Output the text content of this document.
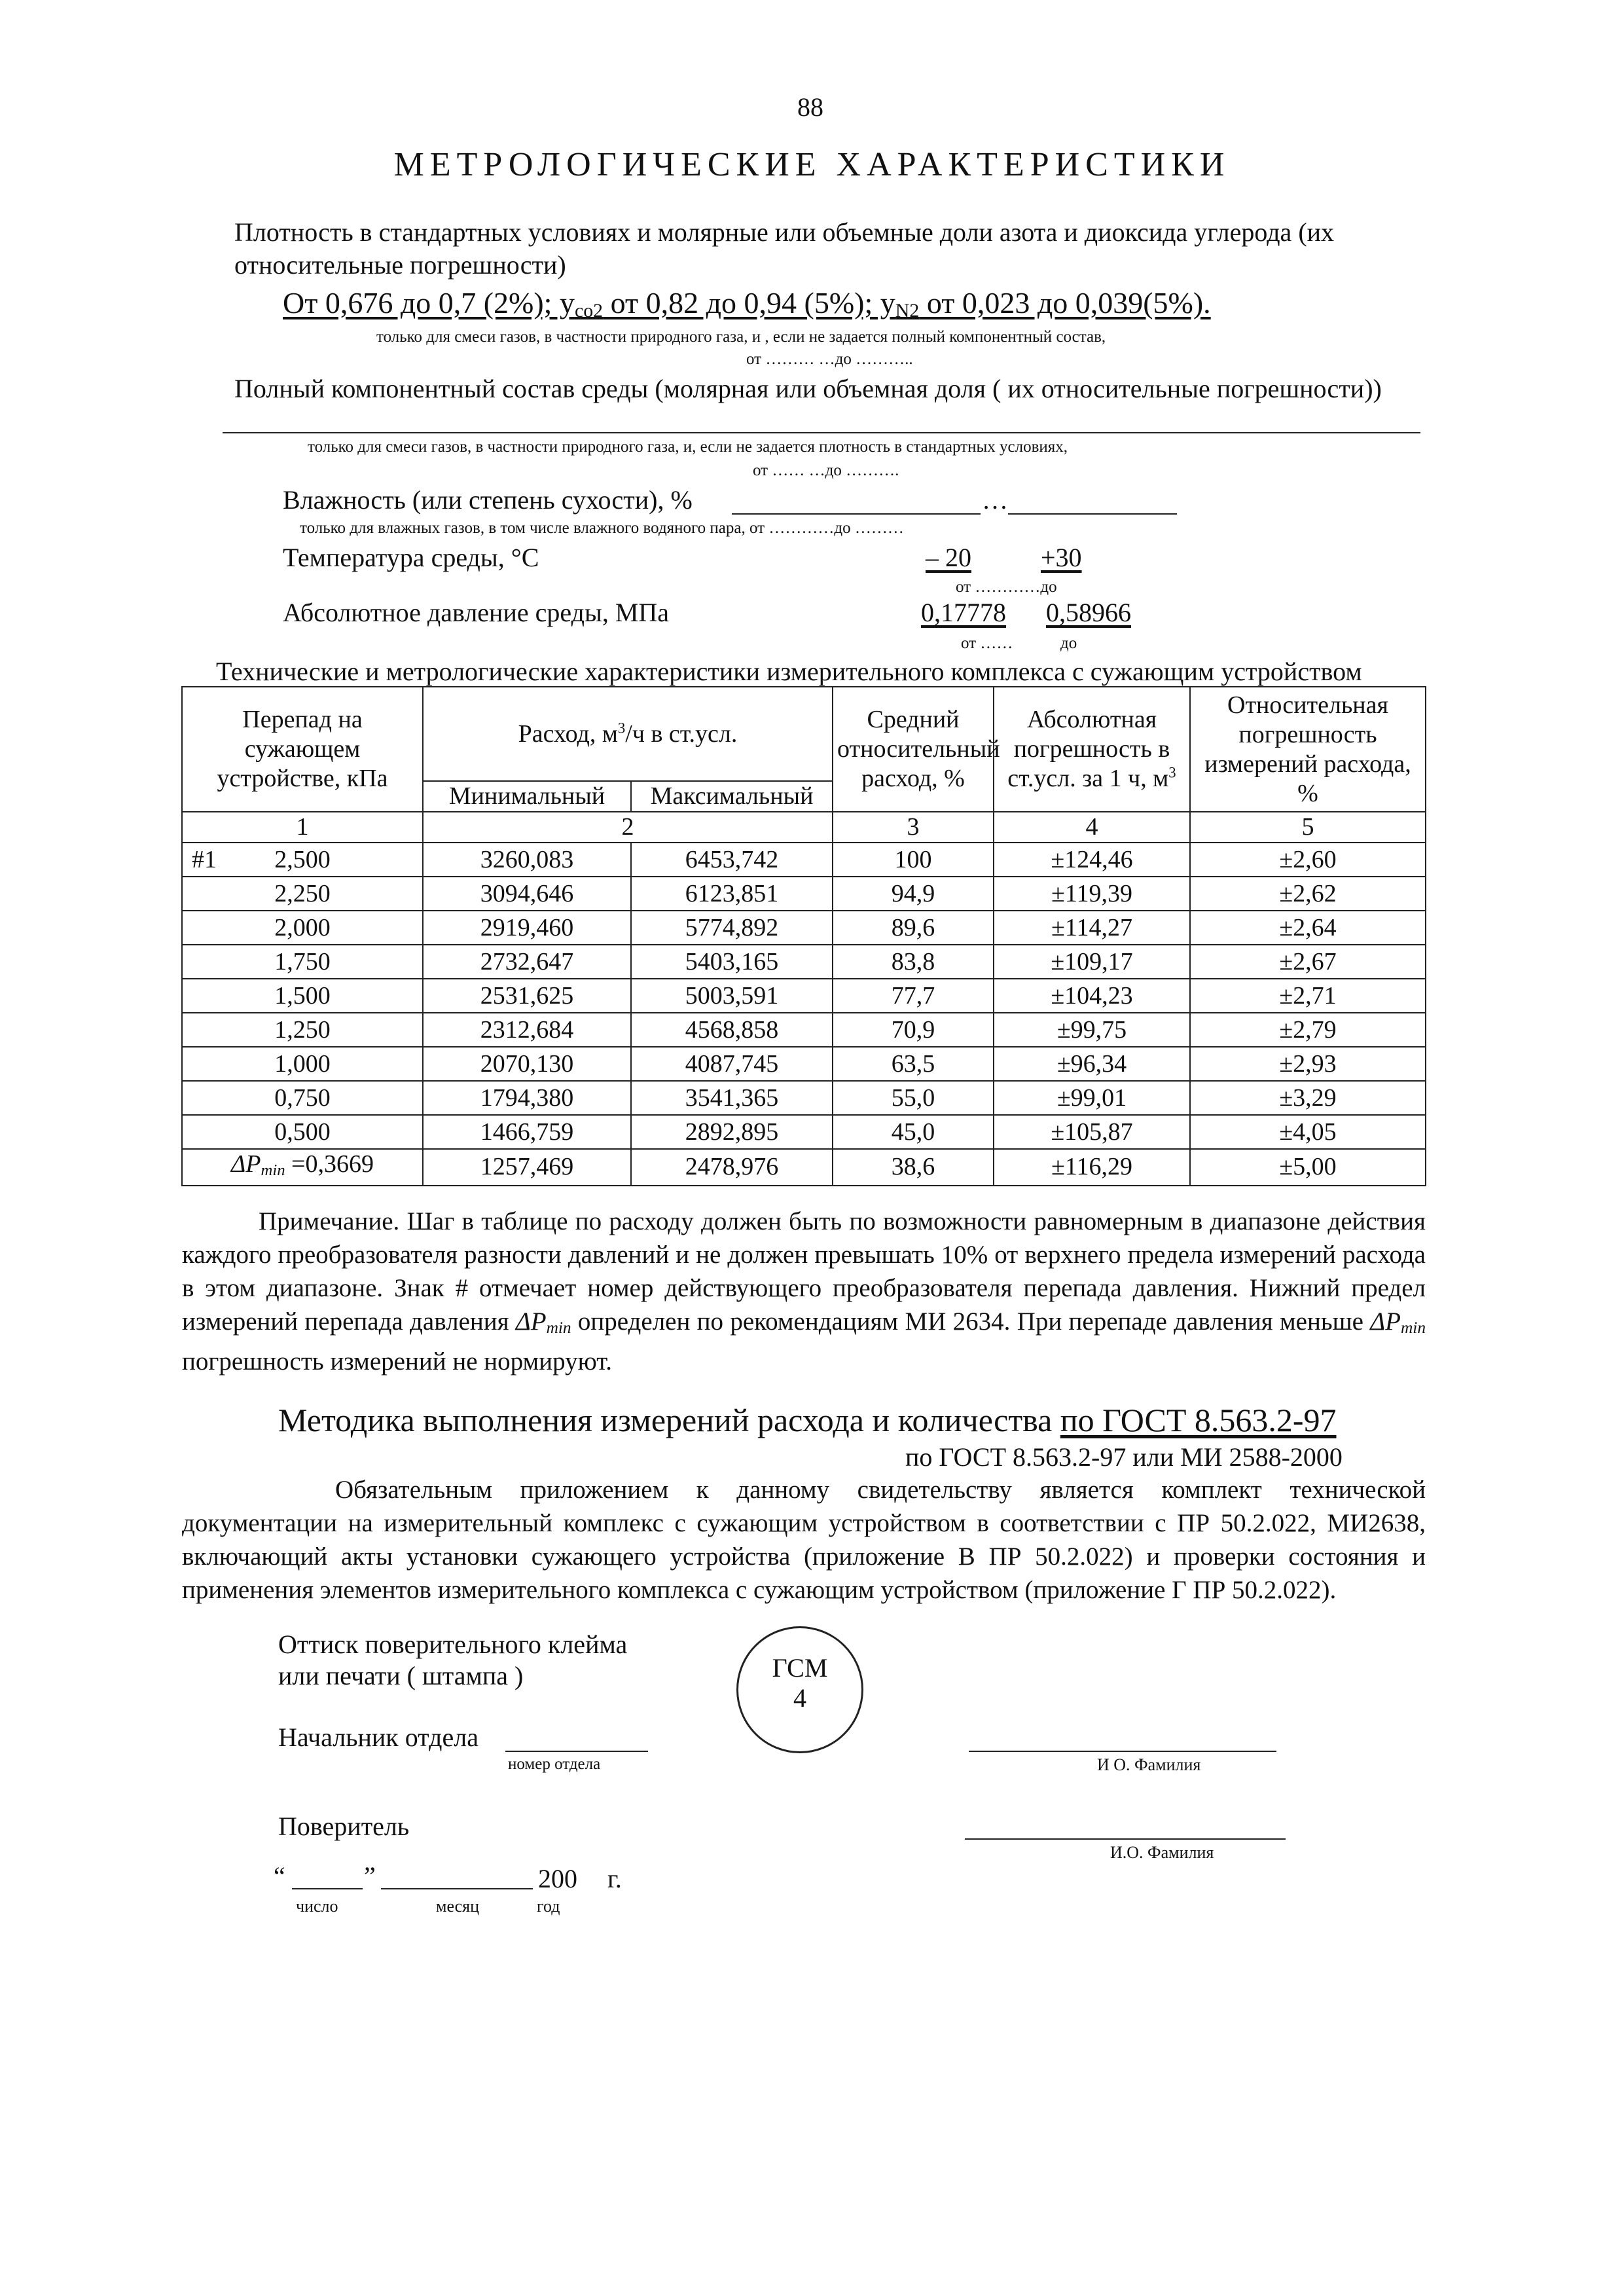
88
МЕТРОЛОГИЧЕСКИЕ ХАРАКТЕРИСТИКИ
Плотность в стандартных условиях и молярные или объемные доли азота и диоксида углерода (их относительные погрешности)
От 0,676 до 0,7 (2%); $y_{co2}$ от 0,82 до 0,94 (5%); $y_{N2}$ от 0,023 до 0,039(5%).
только для смеси газов, в частности природного газа, и , если не задается полный компонентный состав,
от ……… …до ………..
Полный компонентный состав среды (молярная или объемная доля ( их относительные погрешности))
только для смеси газов, в частности природного газа, и, если не задается плотность в стандартных условиях,
от …… …до ……….
Влажность (или степень сухости), %	…
только для влажных газов, в том числе влажного водяного пара, от …………до ………
Температура среды, °С	– 20	+30
от …………до
Абсолютное давление среды, МПа	0,17778 0,58966
от ……	до
Технические и метрологические характеристики измерительного комплекса с сужающим устройством
Перепад на сужающем устройстве, кПа	Расход, $м^3/ч$ в ст.усл.		Средний относительный расход, %	Абсолютная погрешность в ст.усл. за 1 ч, $м^3$	Относительная погрешность измерений расхода, %

	Минимальный	Максимальный			
1	2		3	4	5

#1 2,500	3260,083	6453,742	100	±124,46	±2,60
2,250	3094,646	6123,851	94,9	±119,39	±2,62
2,000	2919,460	5774,892	89,6	±114,27	±2,64
1,750	2732,647	5403,165	83,8	±109,17	±2,67
1,500	2531,625	5003,591	77,7	±104,23	±2,71
1,250	2312,684	4568,858	70,9	±99,75	±2,79
1,000	2070,130	4087,745	63,5	±96,34	±2,93
0,750	1794,380	3541,365	55,0	±99,01	±3,29
0,500	1466,759	2892,895	45,0	±105,87	±4,05
$\Delta P_{min} =0,3669$	1257,469	2478,976	38,6	±116,29	±5,00
   Примечание. Шаг в таблице по расходу должен быть по возможности равномерным в диапазоне действия каждого преобразователя разности давлений и не должен превышать 10% от верхнего предела измерений расхода в этом диапазоне. Знак # отмечает номер действующего преобразователя перепада давления. Нижний предел измерений перепада давления $\Delta P_{min}$ определен по рекомендациям МИ 2634. При перепаде давления меньше $\Delta P_{min}$ погрешность измерений не нормируют.
Методика выполнения измерений расхода и количества по ГОСТ 8.563.2-97
по ГОСТ 8.563.2-97 или МИ 2588-2000
      Обязательным приложением к данному свидетельству является комплект технической документации на измерительный комплекс с сужающим устройством в соответствии с ПР 50.2.022, МИ2638, включающий акты установки сужающего устройства (приложение В ПР 50.2.022) и проверки состояния и применения элементов измерительного комплекса с сужающим устройством (приложение Г ПР 50.2.022).
Оттиск поверительного клейма
или печати ( штампа )	ГСМ
4
Начальник отдела
номер отдела	И О. Фамилия
Поверитель
И.О. Фамилия
“	”	200 г.
число	месяц	год
